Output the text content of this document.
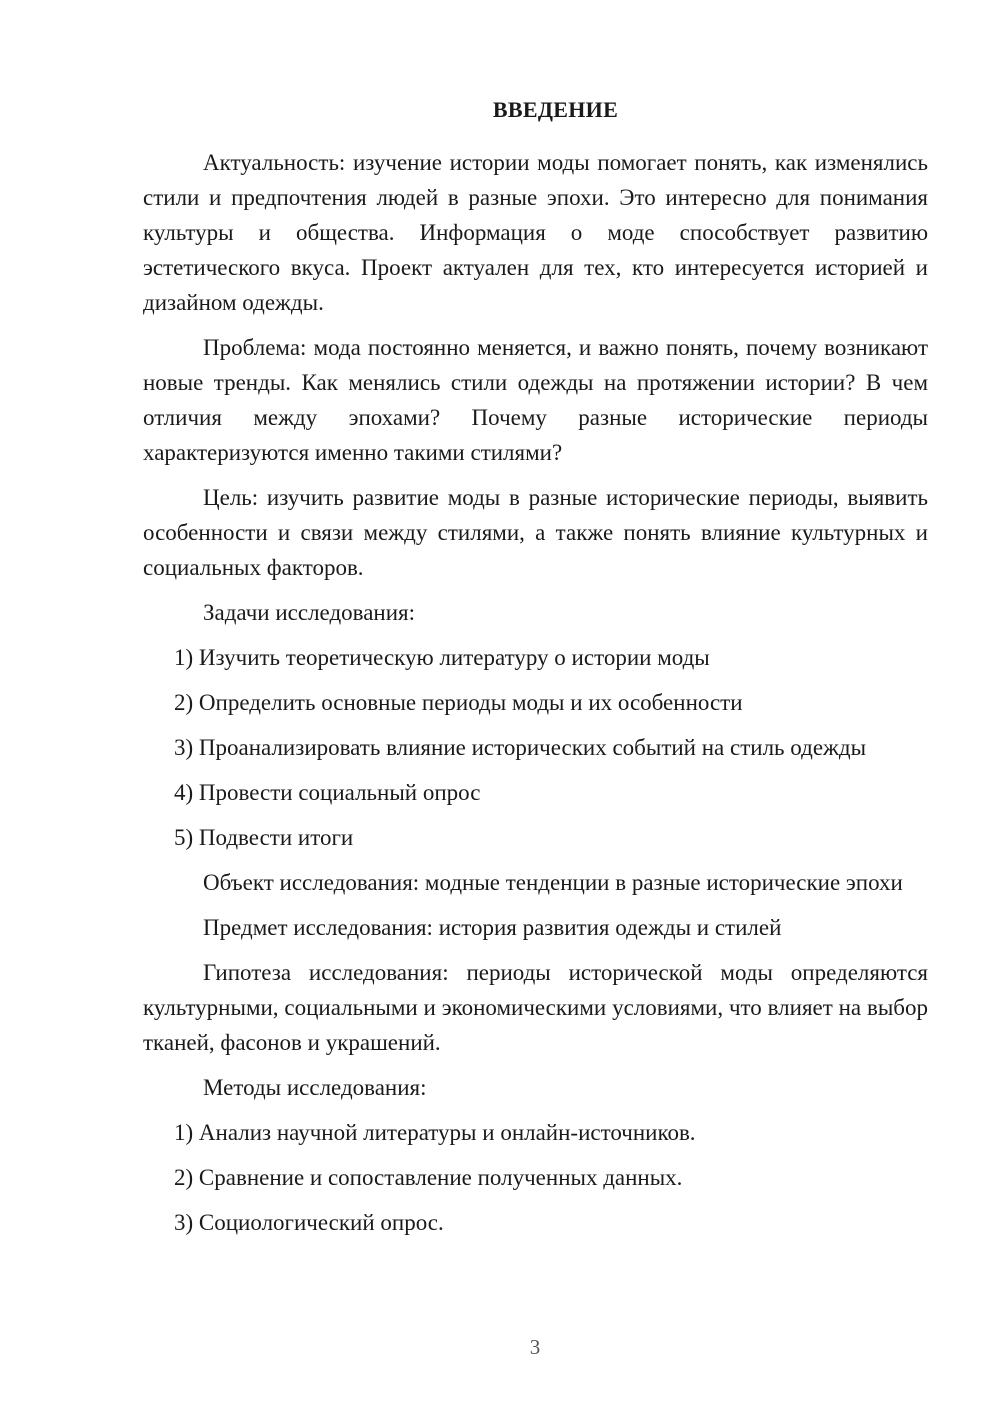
ВВЕДЕНИЕ

Актуальность: изучение истории моды помогает понять, как изменялись стили и предпочтения людей в разные эпохи. Это интересно для понимания культуры и общества. Информация о моде способствует развитию эстетического вкуса. Проект актуален для тех, кто интересуется историей и дизайном одежды.

Проблема: мода постоянно меняется, и важно понять, почему возникают новые тренды. Как менялись стили одежды на протяжении истории? В чем отличия между эпохами? Почему разные исторические периоды характеризуются именно такими стилями?

Цель: изучить развитие моды в разные исторические периоды, выявить особенности и связи между стилями, а также понять влияние культурных и социальных факторов.

Задачи исследования:

1) Изучить теоретическую литературу о истории моды
2) Определить основные периоды моды и их особенности
3) Проанализировать влияние исторических событий на стиль одежды
4) Провести социальный опрос
5) Подвести итоги

Объект исследования: модные тенденции в разные исторические эпохи

Предмет исследования: история развития одежды и стилей

Гипотеза исследования: периоды исторической моды определяются культурными, социальными и экономическими условиями, что влияет на выбор тканей, фасонов и украшений.

Методы исследования:

1) Анализ научной литературы и онлайн-источников.
2) Сравнение и сопоставление полученных данных.
3) Социологический опрос.
3
